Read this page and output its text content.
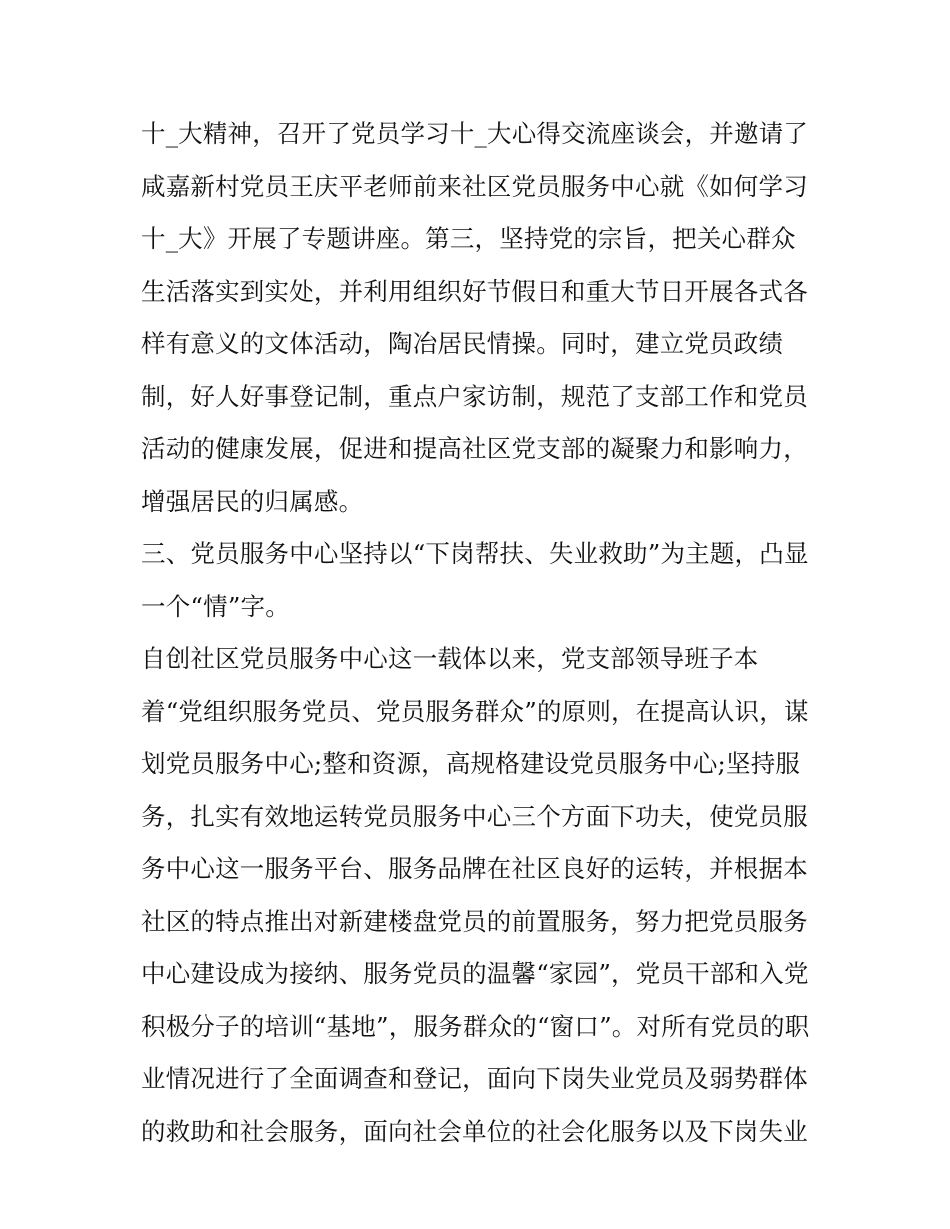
十_大精神，召开了党员学习十_大心得交流座谈会，并邀请了
咸嘉新村党员王庆平老师前来社区党员服务中心就《如何学习
十_大》开展了专题讲座。第三，坚持党的宗旨，把关心群众
生活落实到实处，并利用组织好节假日和重大节日开展各式各
样有意义的文体活动，陶冶居民情操。同时，建立党员政绩
制，好人好事登记制，重点户家访制，规范了支部工作和党员
活动的健康发展，促进和提高社区党支部的凝聚力和影响力，
增强居民的归属感。
三、党员服务中心坚持以“下岗帮扶、失业救助”为主题，凸显
一个“情”字。
自创社区党员服务中心这一载体以来，党支部领导班子本
着“党组织服务党员、党员服务群众”的原则，在提高认识，谋
划党员服务中心;整和资源，高规格建设党员服务中心;坚持服
务，扎实有效地运转党员服务中心三个方面下功夫，使党员服
务中心这一服务平台、服务品牌在社区良好的运转，并根据本
社区的特点推出对新建楼盘党员的前置服务，努力把党员服务
中心建设成为接纳、服务党员的温馨“家园”，党员干部和入党
积极分子的培训“基地”，服务群众的“窗口”。对所有党员的职
业情况进行了全面调查和登记，面向下岗失业党员及弱势群体
的救助和社会服务，面向社会单位的社会化服务以及下岗失业
